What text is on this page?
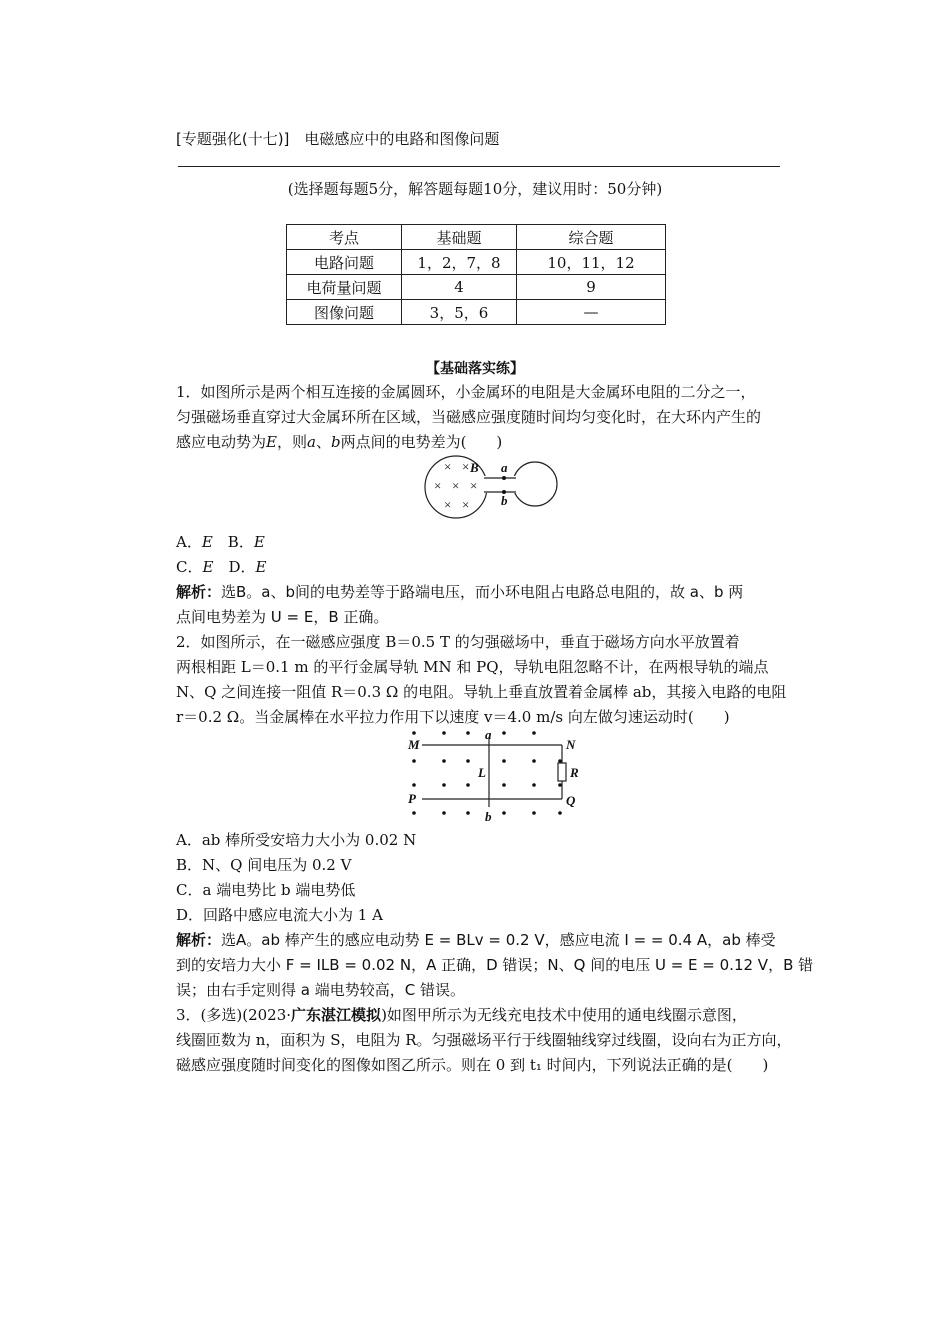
[专题强化(十七)]　电磁感应中的电路和图像问题
(选择题每题5分，解答题每题10分，建议用时：50分钟)
考点	基础题	综合题
电路问题	1，2，7，8	10，11，12
电荷量问题	4	9
图像问题	3，5，6	—
【基础落实练】
1．如图所示是两个相互连接的金属圆环，小金属环的电阻是大金属环电阻的二分之一，
匀强磁场垂直穿过大金属环所在区域，当磁感应强度随时间均匀变化时，在大环内产生的
感应电动势为E，则a、b两点间的电势差为(　　)
a
b
B
× ×
× × ×
× ×
A．E　B．E
C．E　D．E
解析：选B。a、b间的电势差等于路端电压，而小环电阻占电路总电阻的，故 a、b 两
点间电势差为 U = E，B 正确。
2．如图所示，在一磁感应强度 B＝0.5 T 的匀强磁场中，垂直于磁场方向水平放置着
两根相距 L＝0.1 m 的平行金属导轨 MN 和 PQ，导轨电阻忽略不计，在两根导轨的端点
N、Q 之间连接一阻值 R＝0.3 Ω 的电阻。导轨上垂直放置着金属棒 ab，其接入电路的电阻
r＝0.2 Ω。当金属棒在水平拉力作用下以速度 v＝4.0 m/s 向左做匀速运动时(　　)
M	N
P	Q
a
b
L	R
A．ab 棒所受安培力大小为 0.02 N
B．N、Q 间电压为 0.2 V
C．a 端电势比 b 端电势低
D．回路中感应电流大小为 1 A
解析：选A。ab 棒产生的感应电动势 E = BLv = 0.2 V，感应电流 I = = 0.4 A，ab 棒受
到的安培力大小 F = ILB = 0.02 N，A 正确，D 错误；N、Q 间的电压 U = E = 0.12 V，B 错
误；由右手定则得 a 端电势较高，C 错误。
3．(多选)(2023·广东湛江模拟)如图甲所示为无线充电技术中使用的通电线圈示意图，
线圈匝数为 n，面积为 S，电阻为 R。匀强磁场平行于线圈轴线穿过线圈，设向右为正方向，
磁感应强度随时间变化的图像如图乙所示。则在 0 到 t₁ 时间内，下列说法正确的是(　　)
